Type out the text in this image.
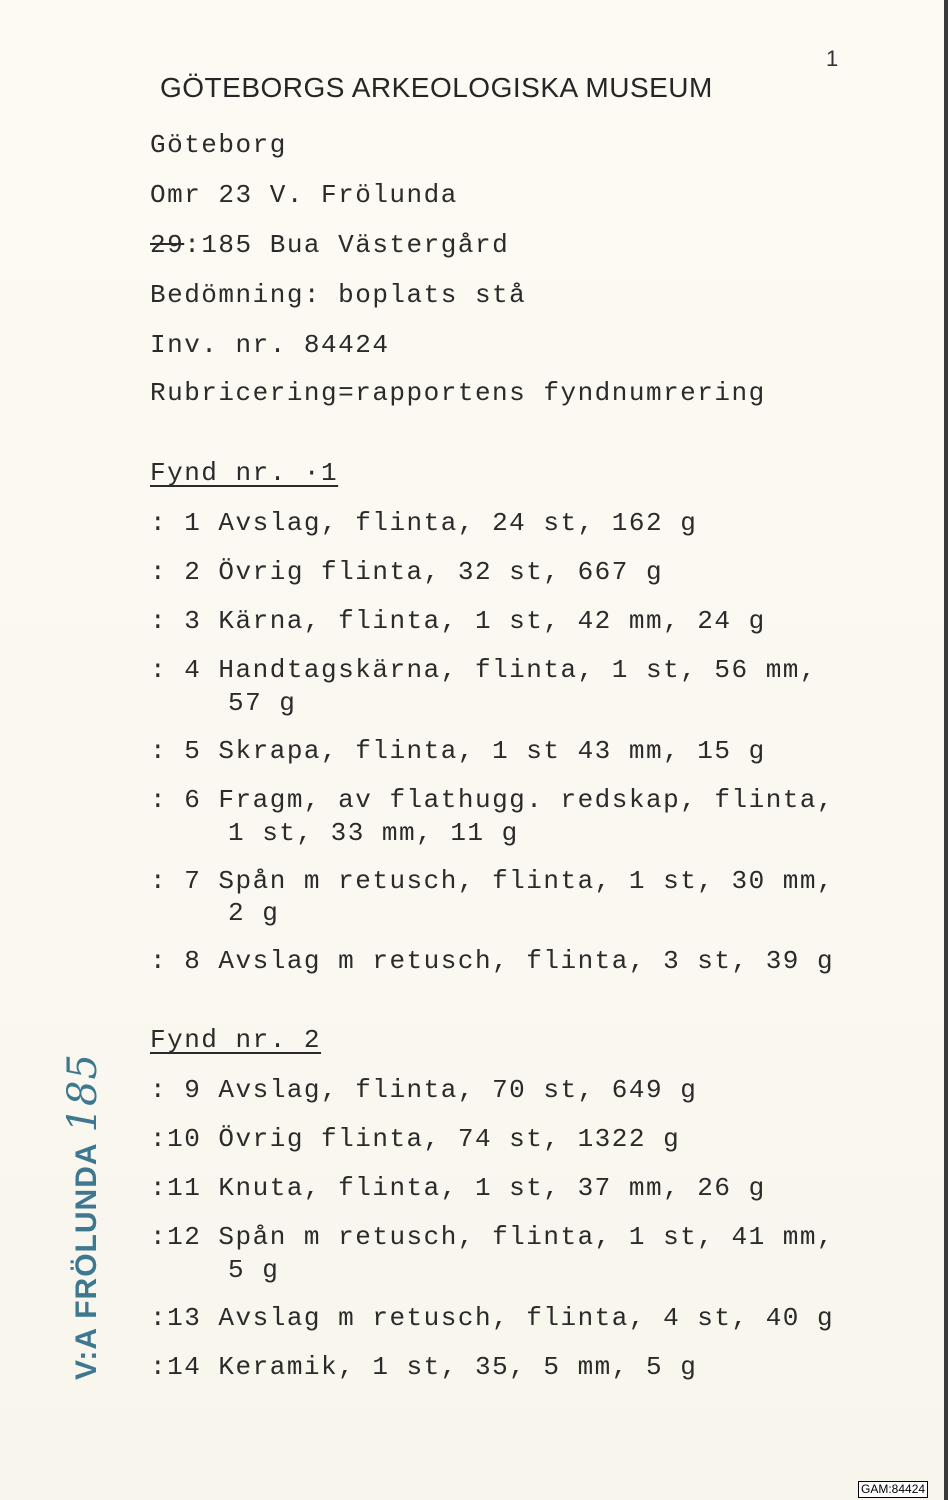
1
GÖTEBORGS ARKEOLOGISKA MUSEUM
Göteborg
Omr 23 V. Frölunda
29:185 Bua Västergård
Bedömning: boplats stå
Inv. nr. 84424
Rubricering=rapportens fyndnumrering
Fynd nr. ·1
: 1 Avslag, flinta, 24 st, 162 g
: 2 Övrig flinta, 32 st, 667 g
: 3 Kärna, flinta, 1 st, 42 mm, 24 g
: 4 Handtagskärna, flinta, 1 st, 56 mm,
57 g
: 5 Skrapa, flinta, 1 st 43 mm, 15 g
: 6 Fragm, av flathugg. redskap, flinta,
1 st, 33 mm, 11 g
: 7 Spån m retusch, flinta, 1 st, 30 mm,
2 g
: 8 Avslag m retusch, flinta, 3 st, 39 g
Fynd nr. 2
: 9 Avslag, flinta, 70 st, 649 g
:10 Övrig flinta, 74 st, 1322 g
:11 Knuta, flinta, 1 st, 37 mm, 26 g
:12 Spån m retusch, flinta, 1 st, 41 mm,
5 g
:13 Avslag m retusch, flinta, 4 st, 40 g
:14 Keramik, 1 st, 35, 5 mm, 5 g
V:A FRÖLUNDA185
GAM:84424
